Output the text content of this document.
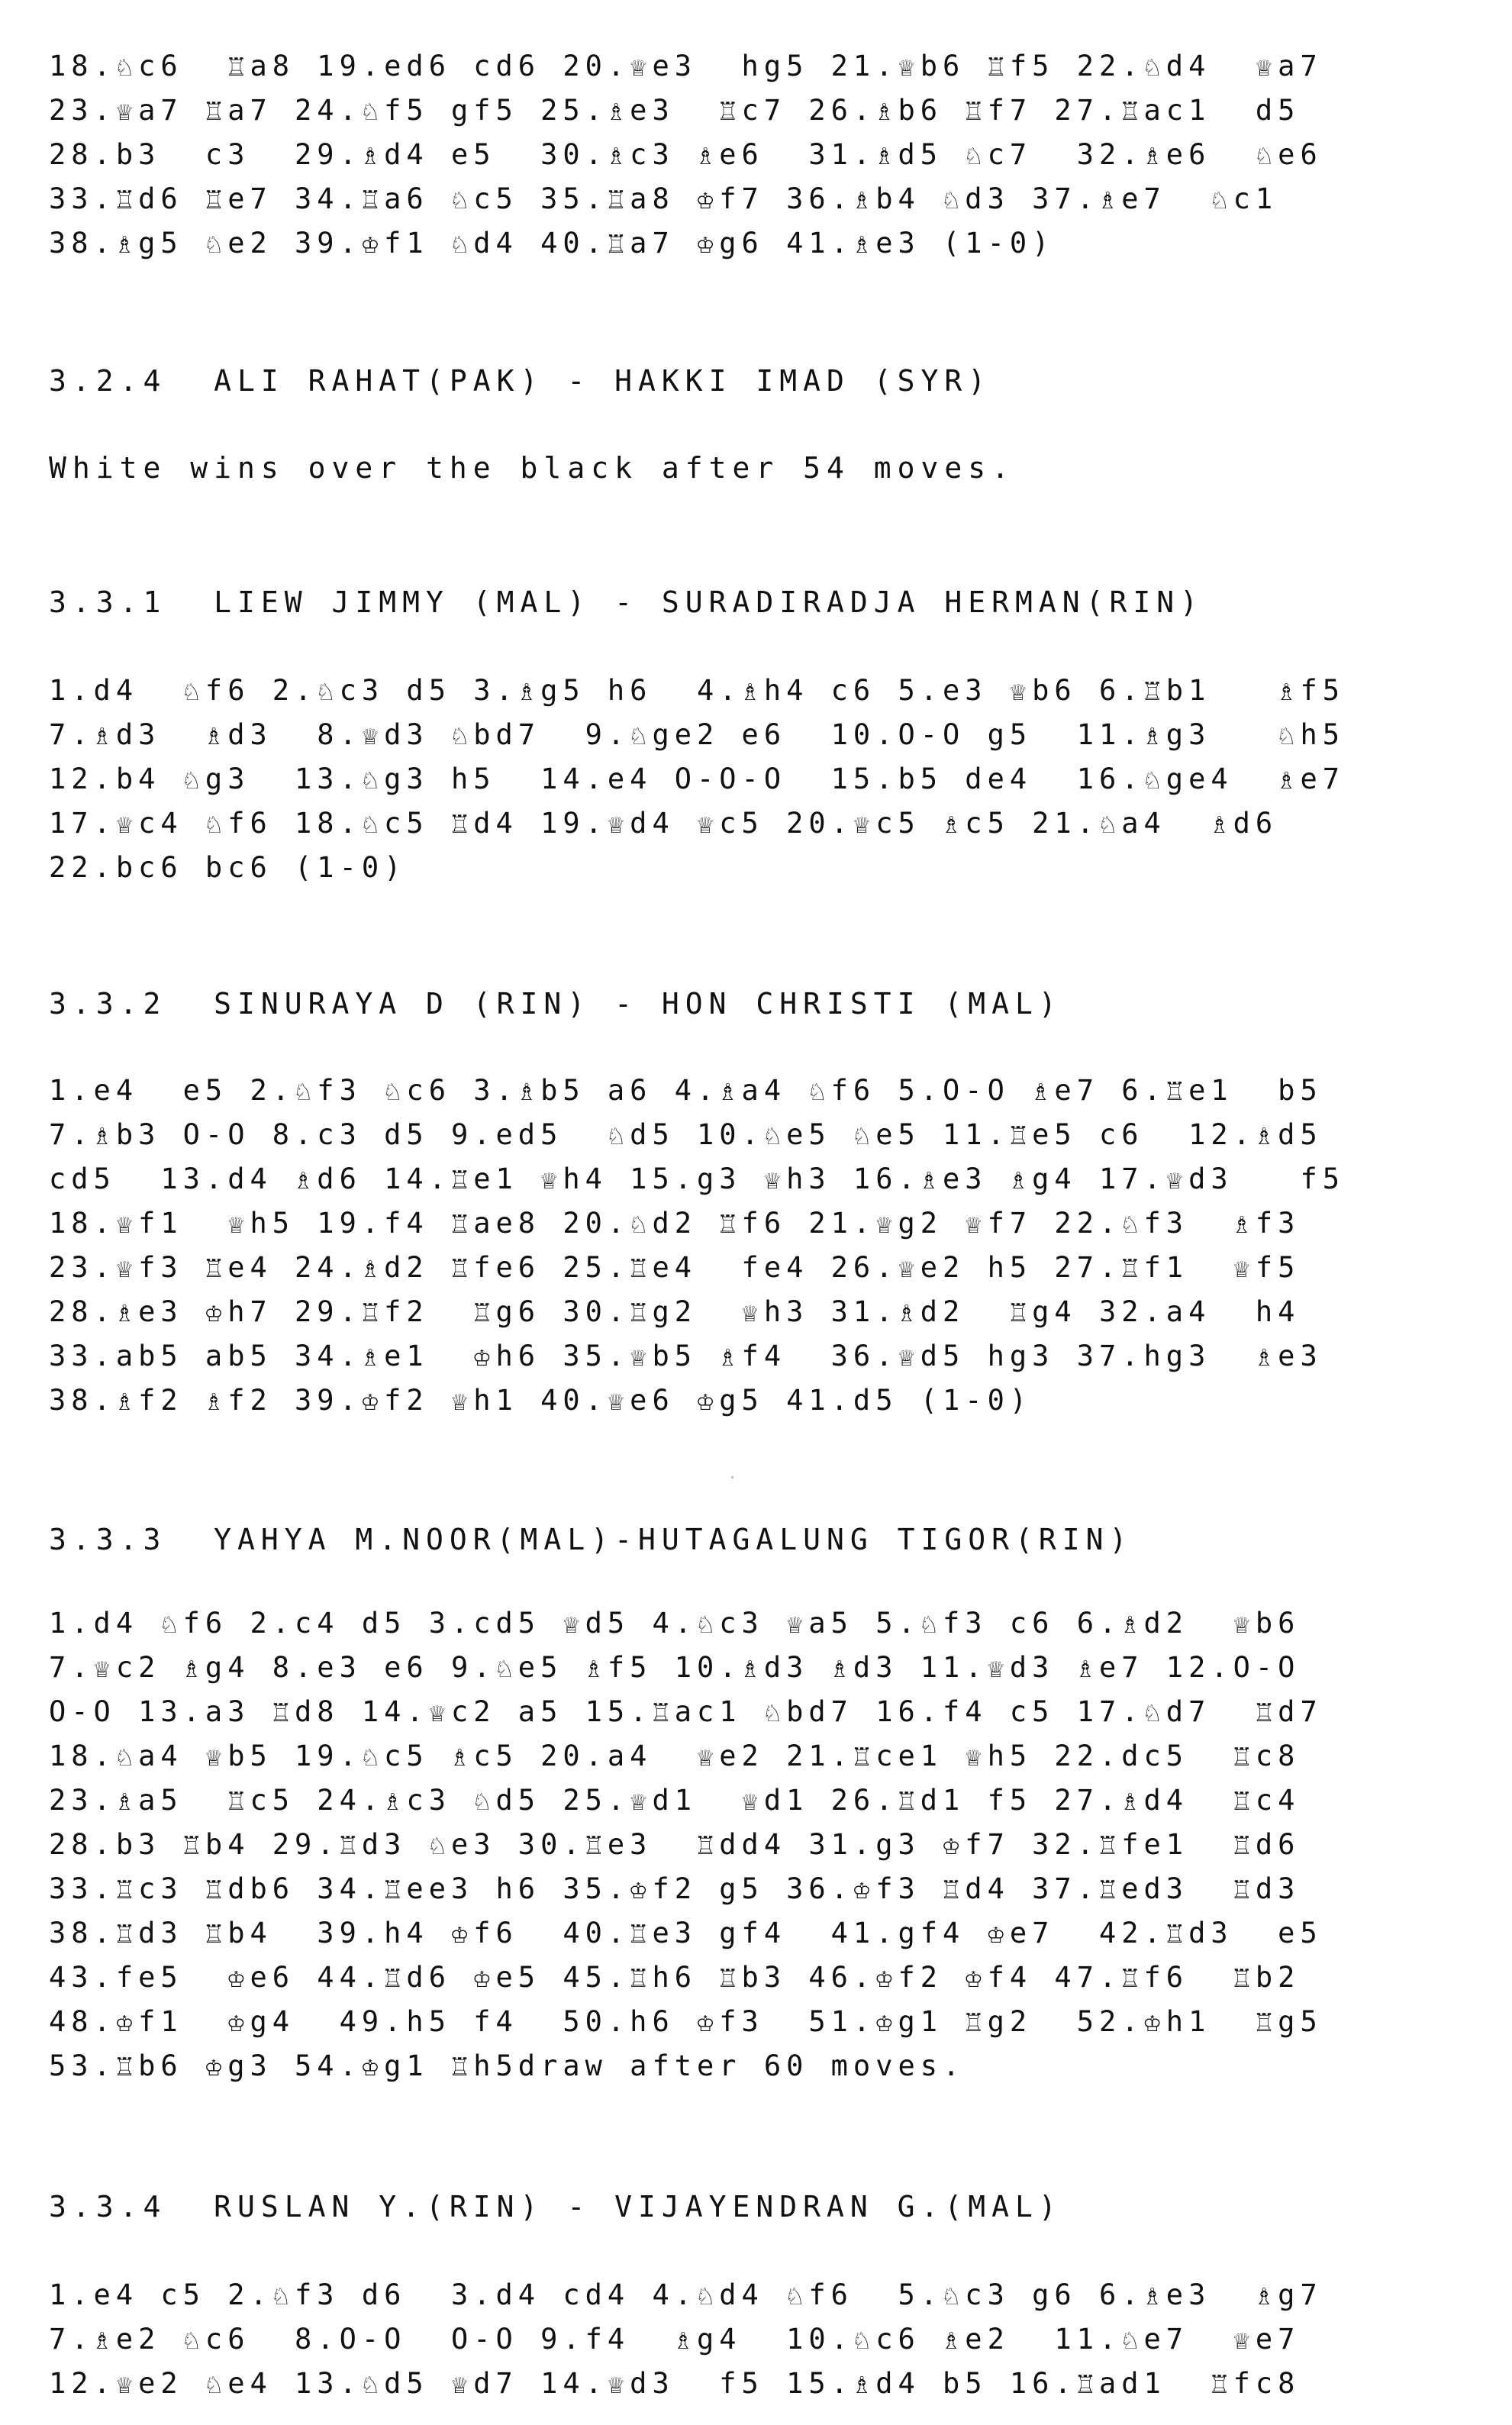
18.♘c6  ♖a8 19.ed6 cd6 20.♕e3  hg5 21.♕b6 ♖f5 22.♘d4  ♕a7
23.♕a7 ♖a7 24.♘f5 gf5 25.♗e3  ♖c7 26.♗b6 ♖f7 27.♖ac1  d5
28.b3  c3  29.♗d4 e5  30.♗c3 ♗e6  31.♗d5 ♘c7  32.♗e6  ♘e6
33.♖d6 ♖e7 34.♖a6 ♘c5 35.♖a8 ♔f7 36.♗b4 ♘d3 37.♗e7  ♘c1
38.♗g5 ♘e2 39.♔f1 ♘d4 40.♖a7 ♔g6 41.♗e3 (1-0)
3.2.4  ALI RAHAT(PAK) - HAKKI IMAD (SYR)
White wins over the black after 54 moves.
3.3.1  LIEW JIMMY (MAL) - SURADIRADJA HERMAN(RIN)
1.d4  ♘f6 2.♘c3 d5 3.♗g5 h6  4.♗h4 c6 5.e3 ♕b6 6.♖b1   ♗f5
7.♗d3  ♗d3  8.♕d3 ♘bd7  9.♘ge2 e6  10.O-O g5  11.♗g3   ♘h5
12.b4 ♘g3  13.♘g3 h5  14.e4 O-O-O  15.b5 de4  16.♘ge4  ♗e7
17.♕c4 ♘f6 18.♘c5 ♖d4 19.♕d4 ♕c5 20.♕c5 ♗c5 21.♘a4  ♗d6
22.bc6 bc6 (1-0)
3.3.2  SINURAYA D (RIN) - HON CHRISTI (MAL)
1.e4  e5 2.♘f3 ♘c6 3.♗b5 a6 4.♗a4 ♘f6 5.O-O ♗e7 6.♖e1  b5
7.♗b3 O-O 8.c3 d5 9.ed5  ♘d5 10.♘e5 ♘e5 11.♖e5 c6  12.♗d5
cd5  13.d4 ♗d6 14.♖e1 ♕h4 15.g3 ♕h3 16.♗e3 ♗g4 17.♕d3   f5
18.♕f1  ♕h5 19.f4 ♖ae8 20.♘d2 ♖f6 21.♕g2 ♕f7 22.♘f3  ♗f3
23.♕f3 ♖e4 24.♗d2 ♖fe6 25.♖e4  fe4 26.♕e2 h5 27.♖f1  ♕f5
28.♗e3 ♔h7 29.♖f2  ♖g6 30.♖g2  ♕h3 31.♗d2  ♖g4 32.a4  h4
33.ab5 ab5 34.♗e1  ♔h6 35.♕b5 ♗f4  36.♕d5 hg3 37.hg3  ♗e3
38.♗f2 ♗f2 39.♔f2 ♕h1 40.♕e6 ♔g5 41.d5 (1-0)
3.3.3  YAHYA M.NOOR(MAL)-HUTAGALUNG TIGOR(RIN)
1.d4 ♘f6 2.c4 d5 3.cd5 ♕d5 4.♘c3 ♕a5 5.♘f3 c6 6.♗d2  ♕b6
7.♕c2 ♗g4 8.e3 e6 9.♘e5 ♗f5 10.♗d3 ♗d3 11.♕d3 ♗e7 12.O-O
O-O 13.a3 ♖d8 14.♕c2 a5 15.♖ac1 ♘bd7 16.f4 c5 17.♘d7  ♖d7
18.♘a4 ♕b5 19.♘c5 ♗c5 20.a4  ♕e2 21.♖ce1 ♕h5 22.dc5  ♖c8
23.♗a5  ♖c5 24.♗c3 ♘d5 25.♕d1  ♕d1 26.♖d1 f5 27.♗d4  ♖c4
28.b3 ♖b4 29.♖d3 ♘e3 30.♖e3  ♖dd4 31.g3 ♔f7 32.♖fe1  ♖d6
33.♖c3 ♖db6 34.♖ee3 h6 35.♔f2 g5 36.♔f3 ♖d4 37.♖ed3  ♖d3
38.♖d3 ♖b4  39.h4 ♔f6  40.♖e3 gf4  41.gf4 ♔e7  42.♖d3  e5
43.fe5  ♔e6 44.♖d6 ♔e5 45.♖h6 ♖b3 46.♔f2 ♔f4 47.♖f6  ♖b2
48.♔f1  ♔g4  49.h5 f4  50.h6 ♔f3  51.♔g1 ♖g2  52.♔h1  ♖g5
53.♖b6 ♔g3 54.♔g1 ♖h5draw after 60 moves.
3.3.4  RUSLAN Y.(RIN) - VIJAYENDRAN G.(MAL)
1.e4 c5 2.♘f3 d6  3.d4 cd4 4.♘d4 ♘f6  5.♘c3 g6 6.♗e3  ♗g7
7.♗e2 ♘c6  8.O-O  O-O 9.f4  ♗g4  10.♘c6 ♗e2  11.♘e7  ♕e7
12.♕e2 ♘e4 13.♘d5 ♕d7 14.♕d3  f5 15.♗d4 b5 16.♖ad1  ♖fc8
